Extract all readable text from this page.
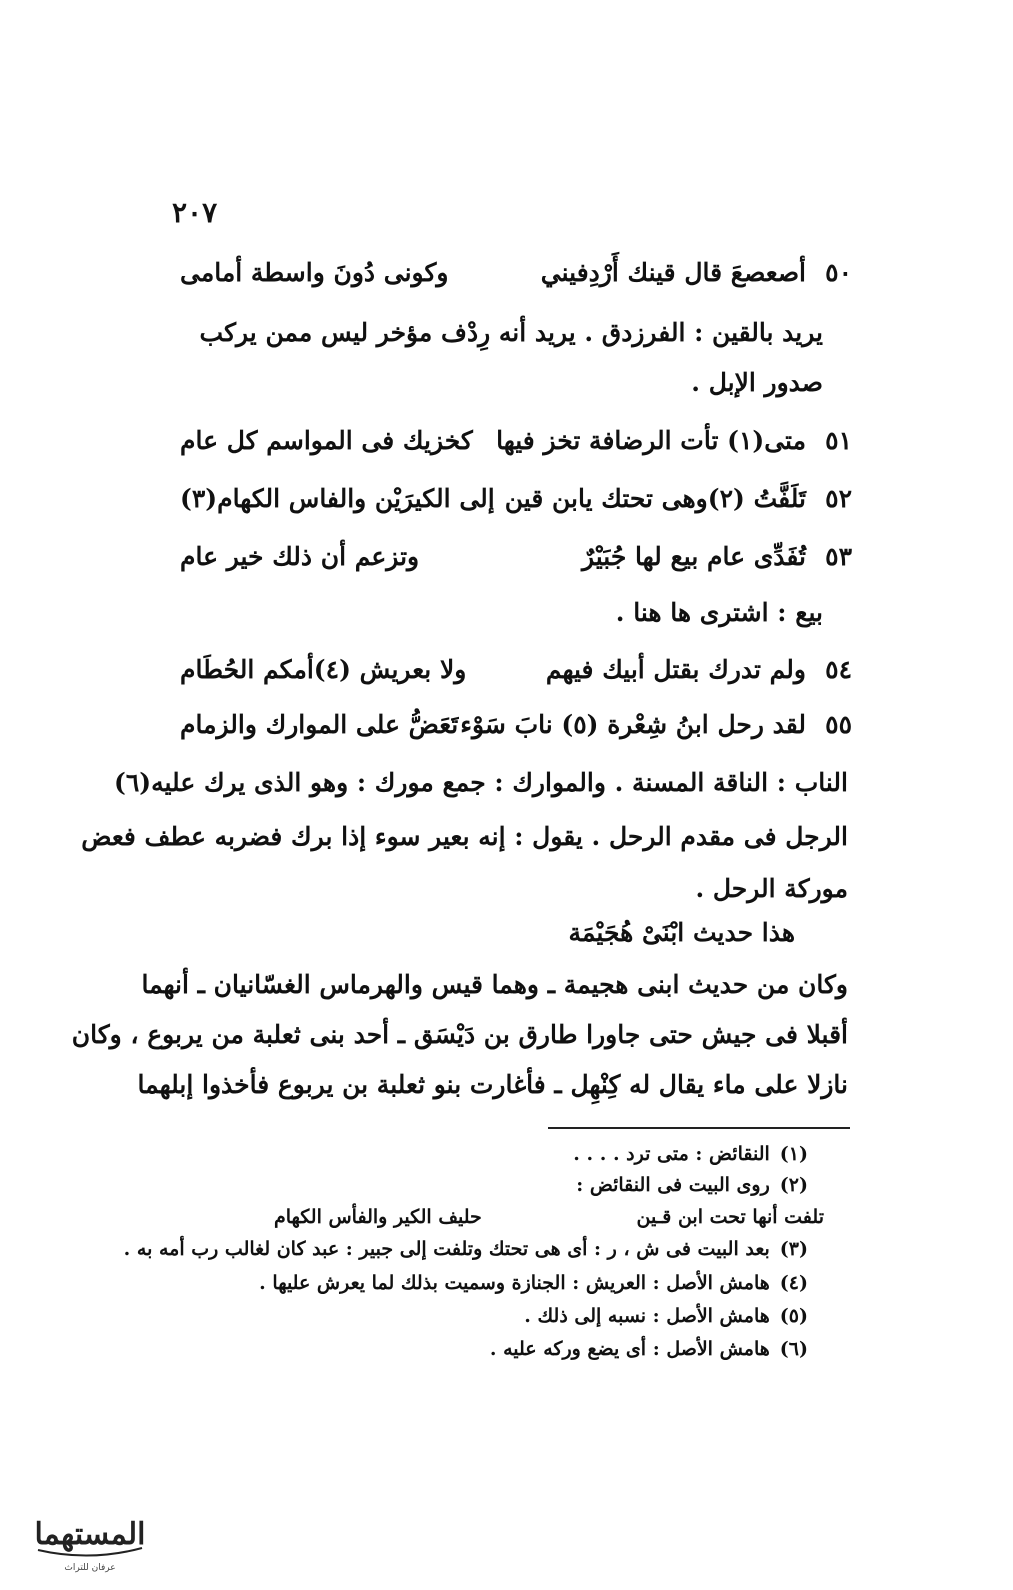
٢٠٧
٥٠
أصعصعَ قال قينك أَرْدِفيني
وكونى دُونَ واسطة أمامى
يريد بالقين : الفرزدق . يريد أنه رِدْف مؤخر ليس ممن يركب
صدور الإبل .
٥١
متى(١) تأت الرضافة تخز فيها
كخزيك فى المواسم كل عام
٥٢
تَلَفَّتُ (٢)وهى تحتك يابن قين
إلى الكيرَيْن والفاس الكهام(٣)
٥٣
تُفَدِّى عام بيع لها جُبَيْرٌ
وتزعم أن ذلك خير عام
بيع : اشترى ها هنا .
٥٤
ولم تدرك بقتل أبيك فيهم
ولا بعريش (٤)أمكم الحُطَام
٥٥
لقد رحل ابنُ شِعْرة (٥) نابَ سَوْء
تَعَضُّ على الموارك والزمام
الناب : الناقة المسنة . والموارك : جمع مورك : وهو الذى يرك عليه(٦)
الرجل فى مقدم الرحل . يقول : إنه بعير سوء إذا برك فضربه عطف فعض
موركة الرحل .
هذا حديث ابْنَىْ هُجَيْمَة
وكان من حديث ابنى هجيمة ـ وهما قيس والهرماس الغسّانيان ـ أنهما
أقبلا فى جيش حتى جاورا طارق بن دَيْسَق ـ أحد بنى ثعلبة من يربوع ، وكان
نازلا على ماء يقال له كِنْهِل ـ فأغارت بنو ثعلبة بن يربوع فأخذوا إبلهما
(١)النقائض : متى ترد . . . .
(٢)روى البيت فى النقائض :
تلفت أنها تحت ابن قـين
حليف الكير والفأس الكهام
(٣)بعد البيت فى ش ، ر : أى هى تحتك وتلفت إلى جبير : عبد كان لغالب رب أمه به .
(٤)هامش الأصل : العريش : الجنازة وسميت بذلك لما يعرش عليها .
(٥)هامش الأصل : نسبه إلى ذلك .
(٦)هامش الأصل : أى يضع وركه عليه .
المستهما
عرفان للتراث
